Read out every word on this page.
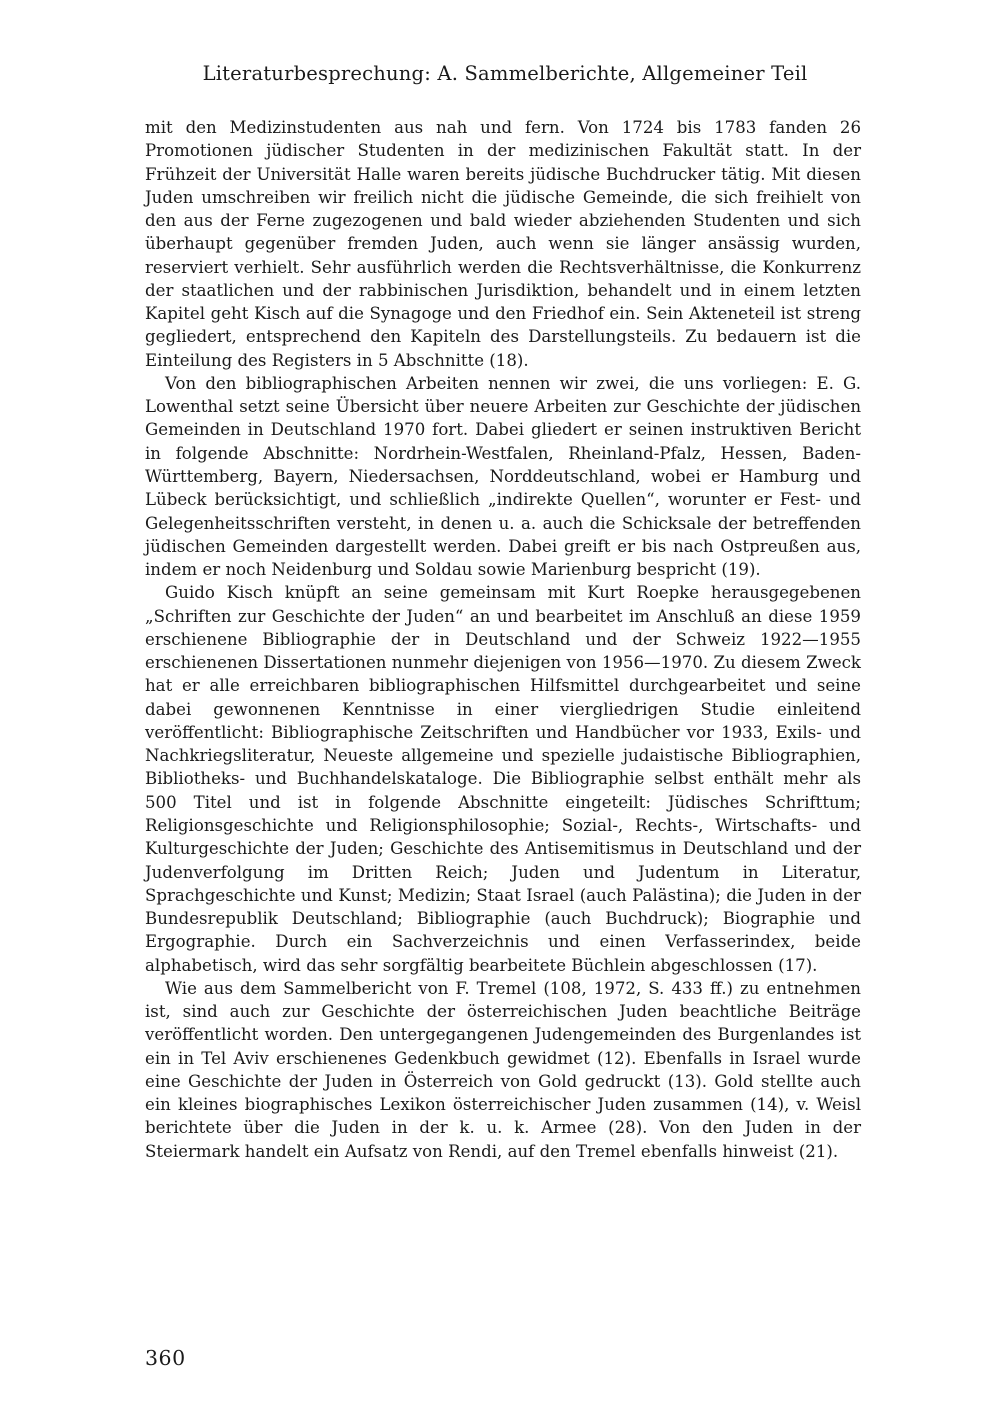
Literaturbesprechung: A. Sammelberichte, Allgemeiner Teil

mit den Medizinstudenten aus nah und fern. Von 1724 bis 1783 fanden 26 Promotionen jüdischer Studenten in der medizinischen Fakultät statt. In der Frühzeit der Universität Halle waren bereits jüdische Buchdrucker tätig. Mit diesen Juden umschreiben wir freilich nicht die jüdische Gemeinde, die sich freihielt von den aus der Ferne zugezogenen und bald wieder abziehenden Studenten und sich überhaupt gegenüber fremden Juden, auch wenn sie länger ansässig wurden, reserviert verhielt. Sehr ausführlich werden die Rechtsverhältnisse, die Konkurrenz der staatlichen und der rabbinischen Jurisdiktion, behandelt und in einem letzten Kapitel geht Kisch auf die Synagoge und den Friedhof ein. Sein Akteneteil ist streng gegliedert, entsprechend den Kapiteln des Darstellungsteils. Zu bedauern ist die Einteilung des Registers in 5 Abschnitte (18).

Von den bibliographischen Arbeiten nennen wir zwei, die uns vorliegen: E. G. Lowenthal setzt seine Übersicht über neuere Arbeiten zur Geschichte der jüdischen Gemeinden in Deutschland 1970 fort. Dabei gliedert er seinen instruktiven Bericht in folgende Abschnitte: Nordrhein-Westfalen, Rheinland-Pfalz, Hessen, Baden-Württemberg, Bayern, Niedersachsen, Norddeutschland, wobei er Hamburg und Lübeck berücksichtigt, und schließlich „indirekte Quellen“, worunter er Fest- und Gelegenheitsschriften versteht, in denen u. a. auch die Schicksale der betreffenden jüdischen Gemeinden dargestellt werden. Dabei greift er bis nach Ostpreußen aus, indem er noch Neidenburg und Soldau sowie Marienburg bespricht (19).

Guido Kisch knüpft an seine gemeinsam mit Kurt Roepke herausgegebenen „Schriften zur Geschichte der Juden“ an und bearbeitet im Anschluß an diese 1959 erschienene Bibliographie der in Deutschland und der Schweiz 1922—1955 erschienenen Dissertationen nunmehr diejenigen von 1956—1970. Zu diesem Zweck hat er alle erreichbaren bibliographischen Hilfsmittel durchgearbeitet und seine dabei gewonnenen Kenntnisse in einer viergliedrigen Studie einleitend veröffentlicht: Bibliographische Zeitschriften und Handbücher vor 1933, Exils- und Nachkriegsliteratur, Neueste allgemeine und spezielle judaistische Bibliographien, Bibliotheks- und Buchhandelskataloge. Die Bibliographie selbst enthält mehr als 500 Titel und ist in folgende Abschnitte eingeteilt: Jüdisches Schrifttum; Religionsgeschichte und Religionsphilosophie; Sozial-, Rechts-, Wirtschafts- und Kulturgeschichte der Juden; Geschichte des Antisemitismus in Deutschland und der Judenverfolgung im Dritten Reich; Juden und Judentum in Literatur, Sprachgeschichte und Kunst; Medizin; Staat Israel (auch Palästina); die Juden in der Bundesrepublik Deutschland; Bibliographie (auch Buchdruck); Biographie und Ergographie. Durch ein Sachverzeichnis und einen Verfasserindex, beide alphabetisch, wird das sehr sorgfältig bearbeitete Büchlein abgeschlossen (17).

Wie aus dem Sammelbericht von F. Tremel (108, 1972, S. 433 ff.) zu entnehmen ist, sind auch zur Geschichte der österreichischen Juden beachtliche Beiträge veröffentlicht worden. Den untergegangenen Judengemeinden des Burgenlandes ist ein in Tel Aviv erschienenes Gedenkbuch gewidmet (12). Ebenfalls in Israel wurde eine Geschichte der Juden in Österreich von Gold gedruckt (13). Gold stellte auch ein kleines biographisches Lexikon österreichischer Juden zusammen (14), v. Weisl berichtete über die Juden in der k. u. k. Armee (28). Von den Juden in der Steiermark handelt ein Aufsatz von Rendi, auf den Tremel ebenfalls hinweist (21).

360
